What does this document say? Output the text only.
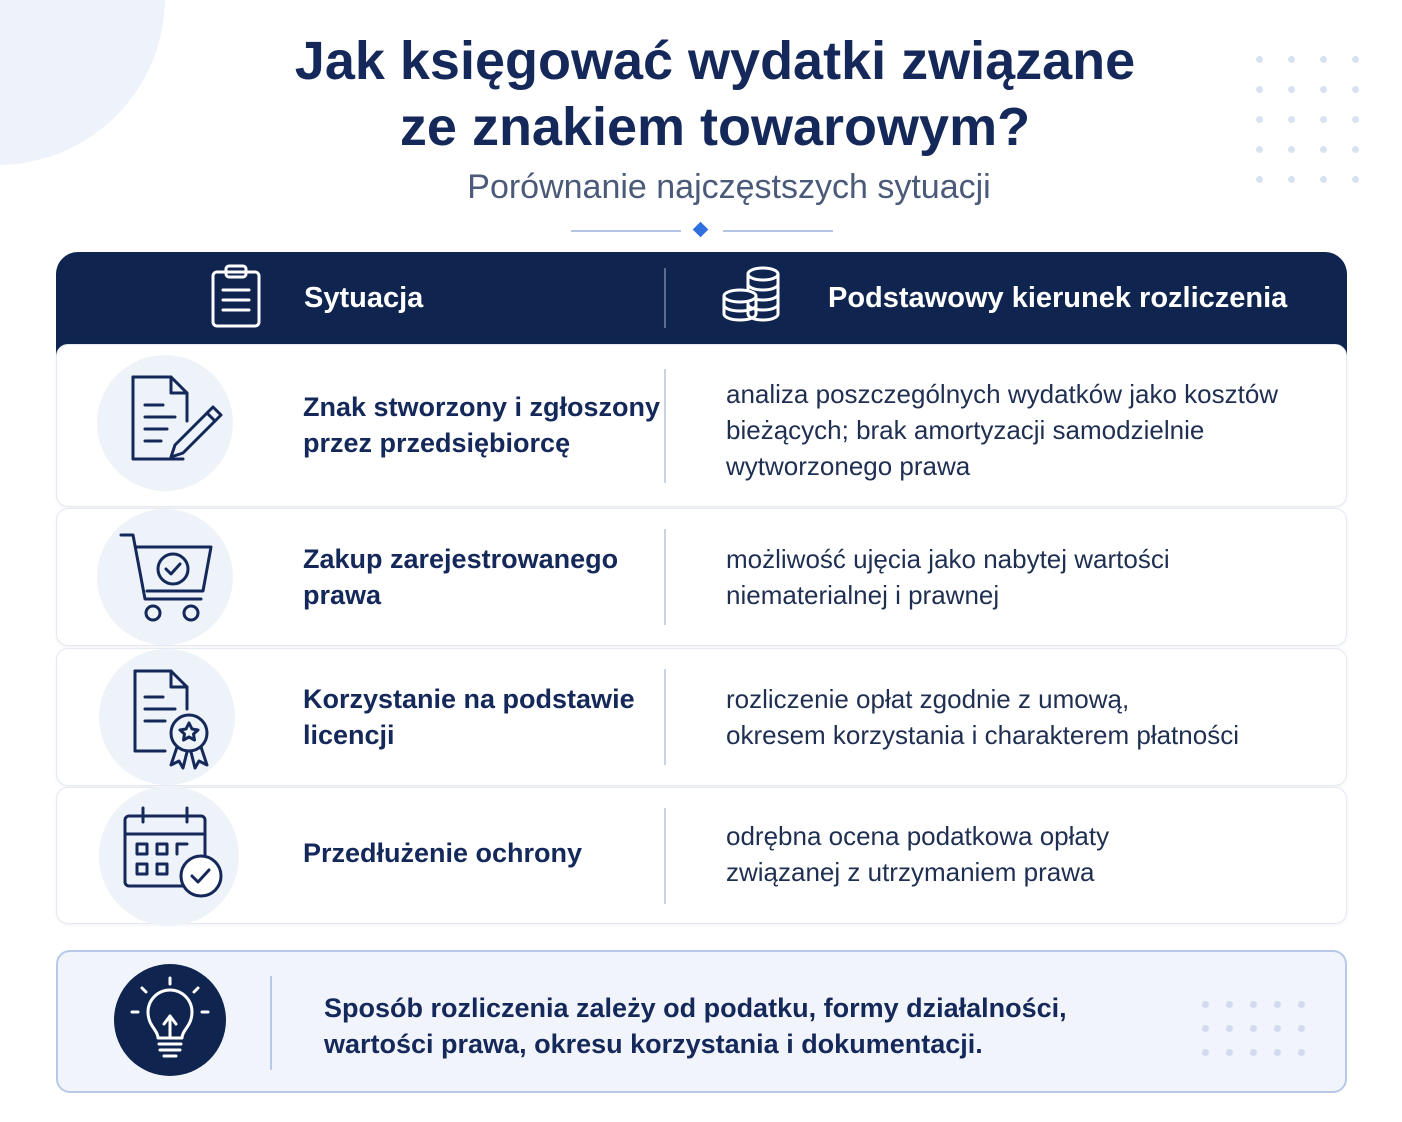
Jak księgować wydatki związane
ze znakiem towarowym?

Porównanie najczęstszych sytuacji

Sytuacja	Podstawowy kierunek rozliczenia
Znak stworzony i zgłoszony
przez przedsiębiorcę
analiza poszczególnych wydatków jako kosztów
bieżących; brak amortyzacji samodzielnie
wytworzonego prawa
Zakup zarejestrowanego
prawa
możliwość ujęcia jako nabytej wartości
niematerialnej i prawnej
Korzystanie na podstawie
licencji
rozliczenie opłat zgodnie z umową,
okresem korzystania i charakterem płatności
Przedłużenie ochrony
odrębna ocena podatkowa opłaty
związanej z utrzymaniem prawa
Sposób rozliczenia zależy od podatku, formy działalności,
wartości prawa, okresu korzystania i dokumentacji.
